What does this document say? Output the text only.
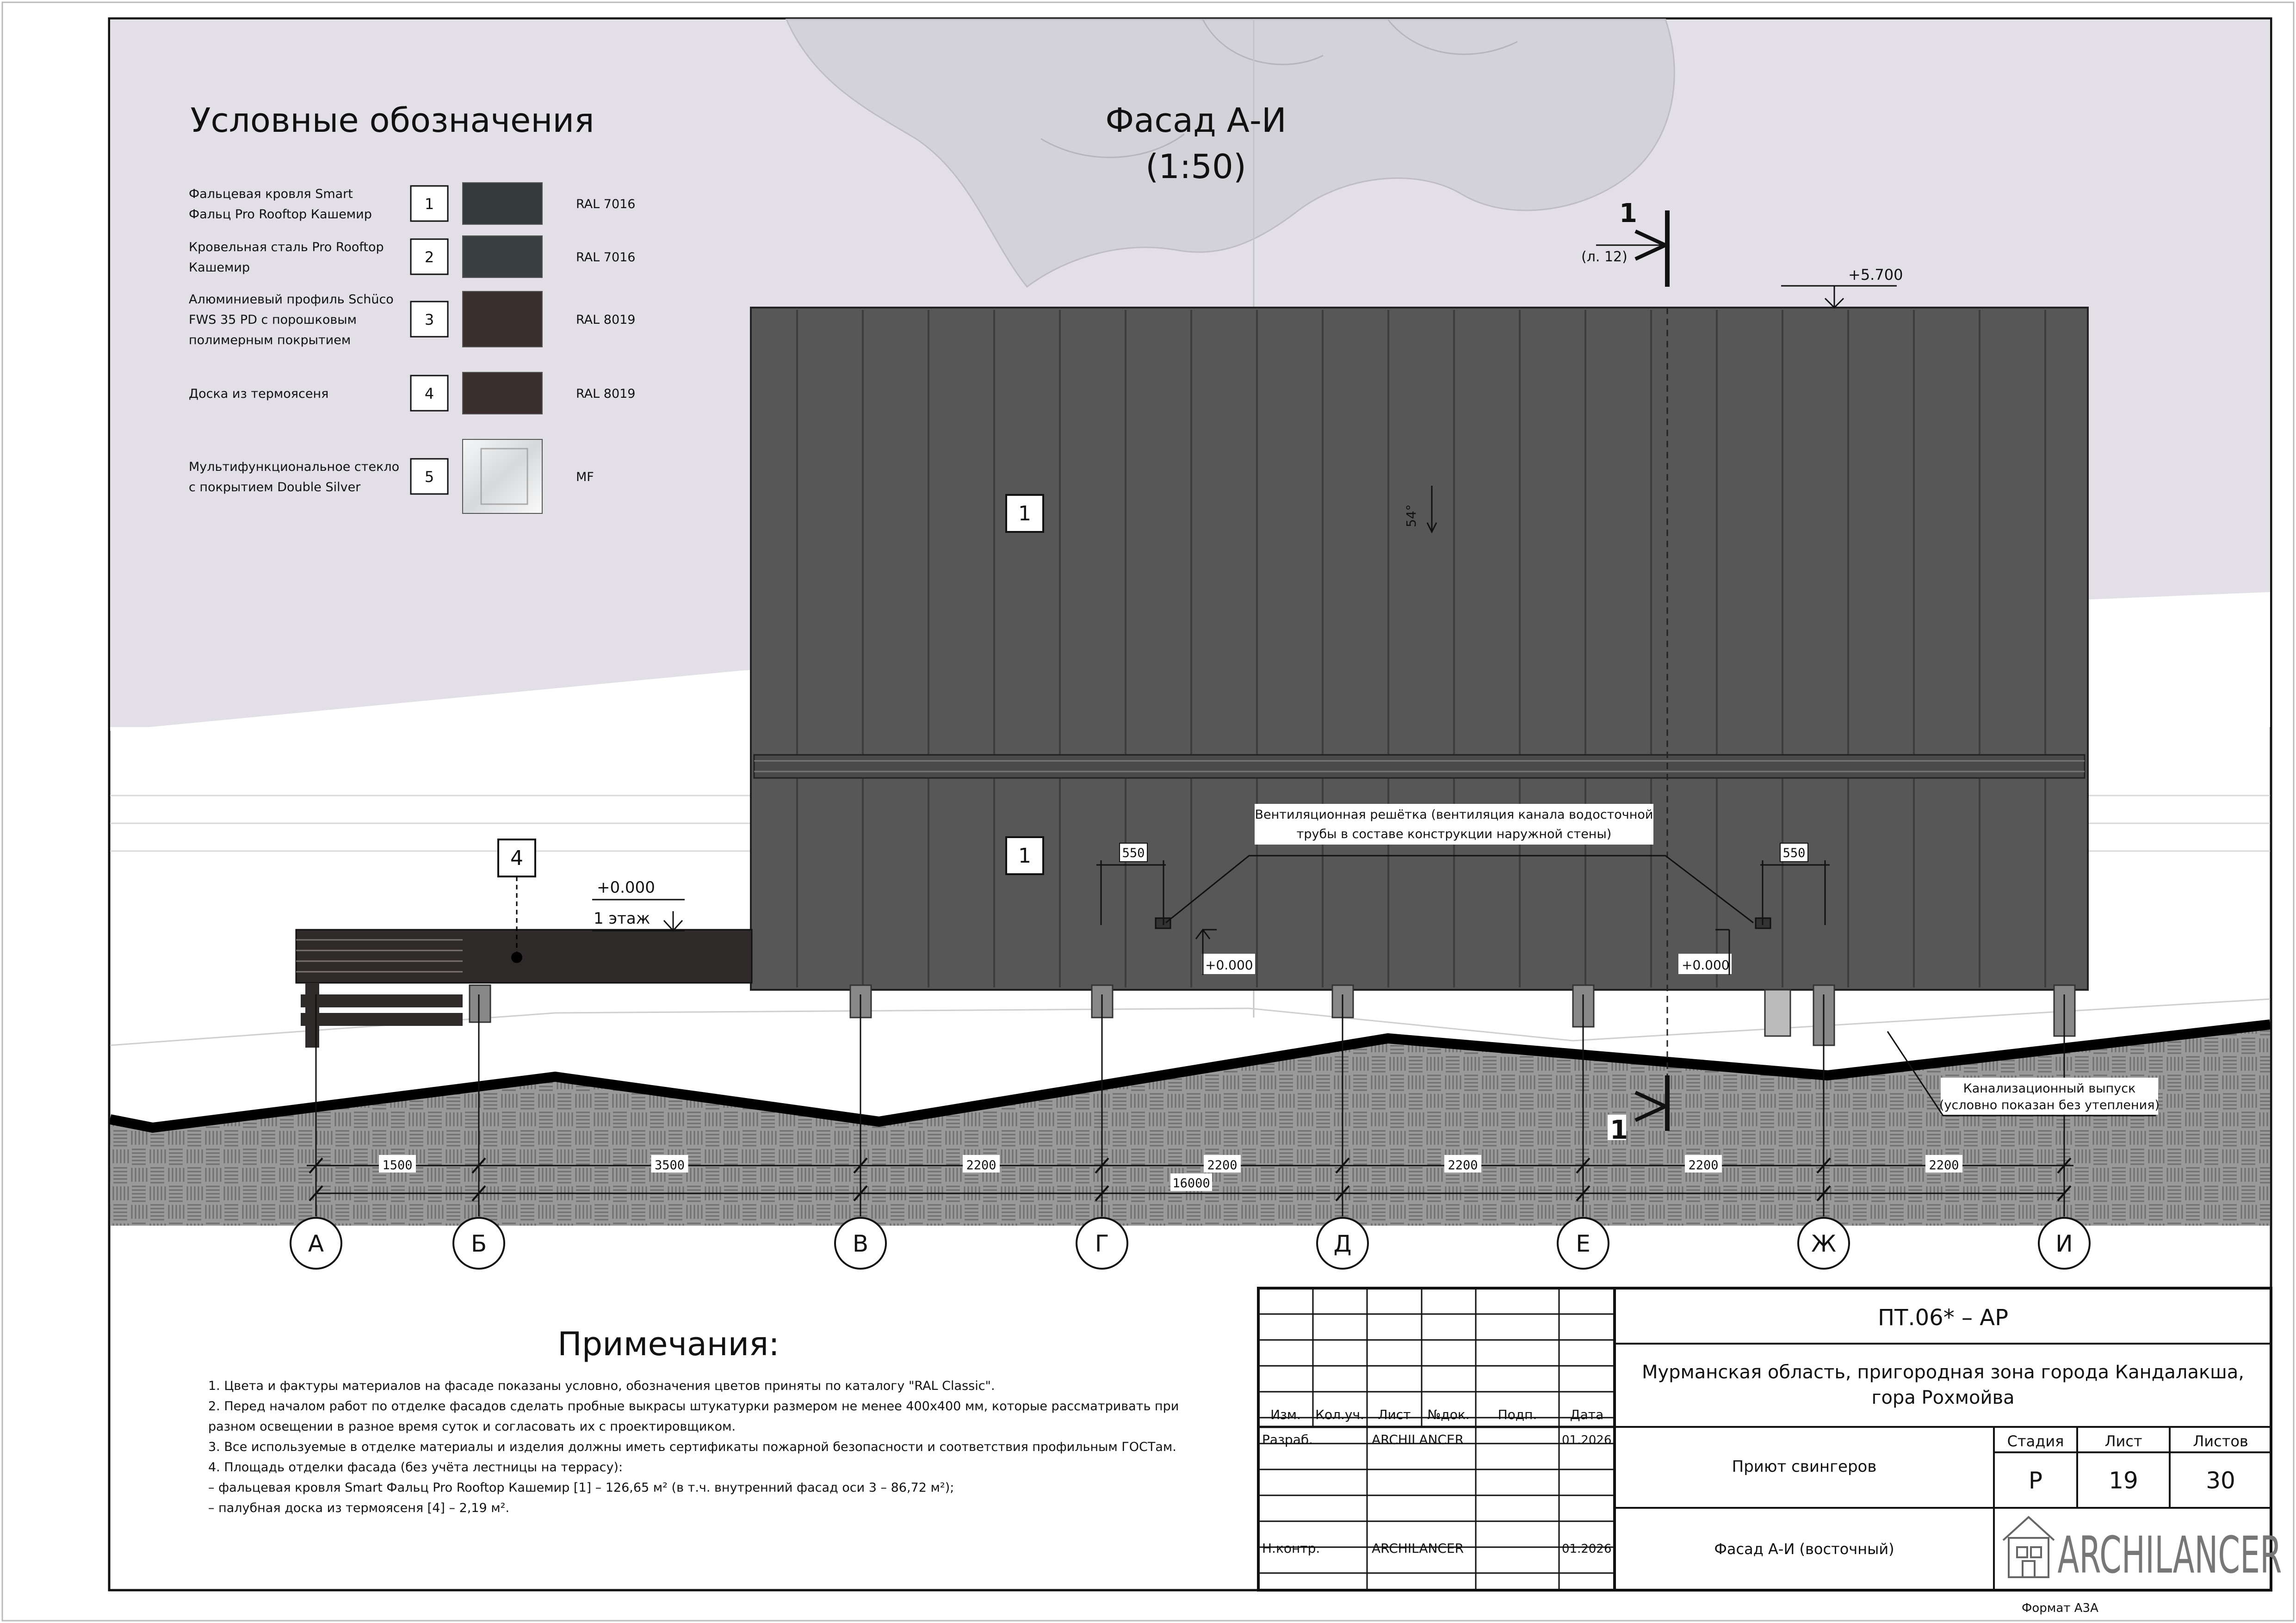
А	Б	В	Г	Д	Е	Ж	И
1500	3500	2200	2200	2200	2200	2200
16000
1
1
4
54°
+5.700
+0.000
1 этаж
+0.000	+0.000
550	550
Вентиляционная решётка (вентиляция канала водосточной
трубы в составе конструкции наружной стены)
Канализационный выпуск
(условно показан без утепления)
1
(л. 12)
1
Фасад А-И
(1:50)
Условные обозначения
Фальцевая кровля Smart
Фальц Pro Rooftop Кашемир
1	RAL 7016
Кровельная сталь Pro Rooftop
Кашемир
2	RAL 7016
Алюминиевый профиль Schüco
FWS 35 PD с порошковым
полимерным покрытием
3	RAL 8019
Доска из термоясеня	4	RAL 8019
Мультифункциональное стекло
с покрытием Double Silver
5	MF
Примечания:
1. Цвета и фактуры материалов на фасаде показаны условно, обозначения цветов приняты по каталогу "RAL Classic".
2. Перед началом работ по отделке фасадов сделать пробные выкрасы штукатурки размером не менее 400х400 мм, которые рассматривать при
разном освещении в разное время суток и согласовать их с проектировщиком.
3. Все используемые в отделке материалы и изделия должны иметь сертификаты пожарной безопасности и соответствия профильным ГОСТам.
4. Площадь отделки фасада (без учёта лестницы на террасу):
– фальцевая кровля Smart Фальц Pro Rooftop Кашемир [1] – 126,65 м² (в т.ч. внутренний фасад оси 3 – 86,72 м²);
– палубная доска из термоясеня [4] – 2,19 м².
ПТ.06* – АР
Мурманская область, пригородная зона города Кандалакша,
гора Рохмойва
Приют свингеров
Фасад А-И (восточный)
Стадия	Лист	Листов
Р	19	30
ARCHILANCER
Формат А3А
Изм. Кол.уч. Лист №док. Подп.	Дата
Разраб.	ARCHILANCER	01.2026
Н.контр.	ARCHILANCER	01.2026
